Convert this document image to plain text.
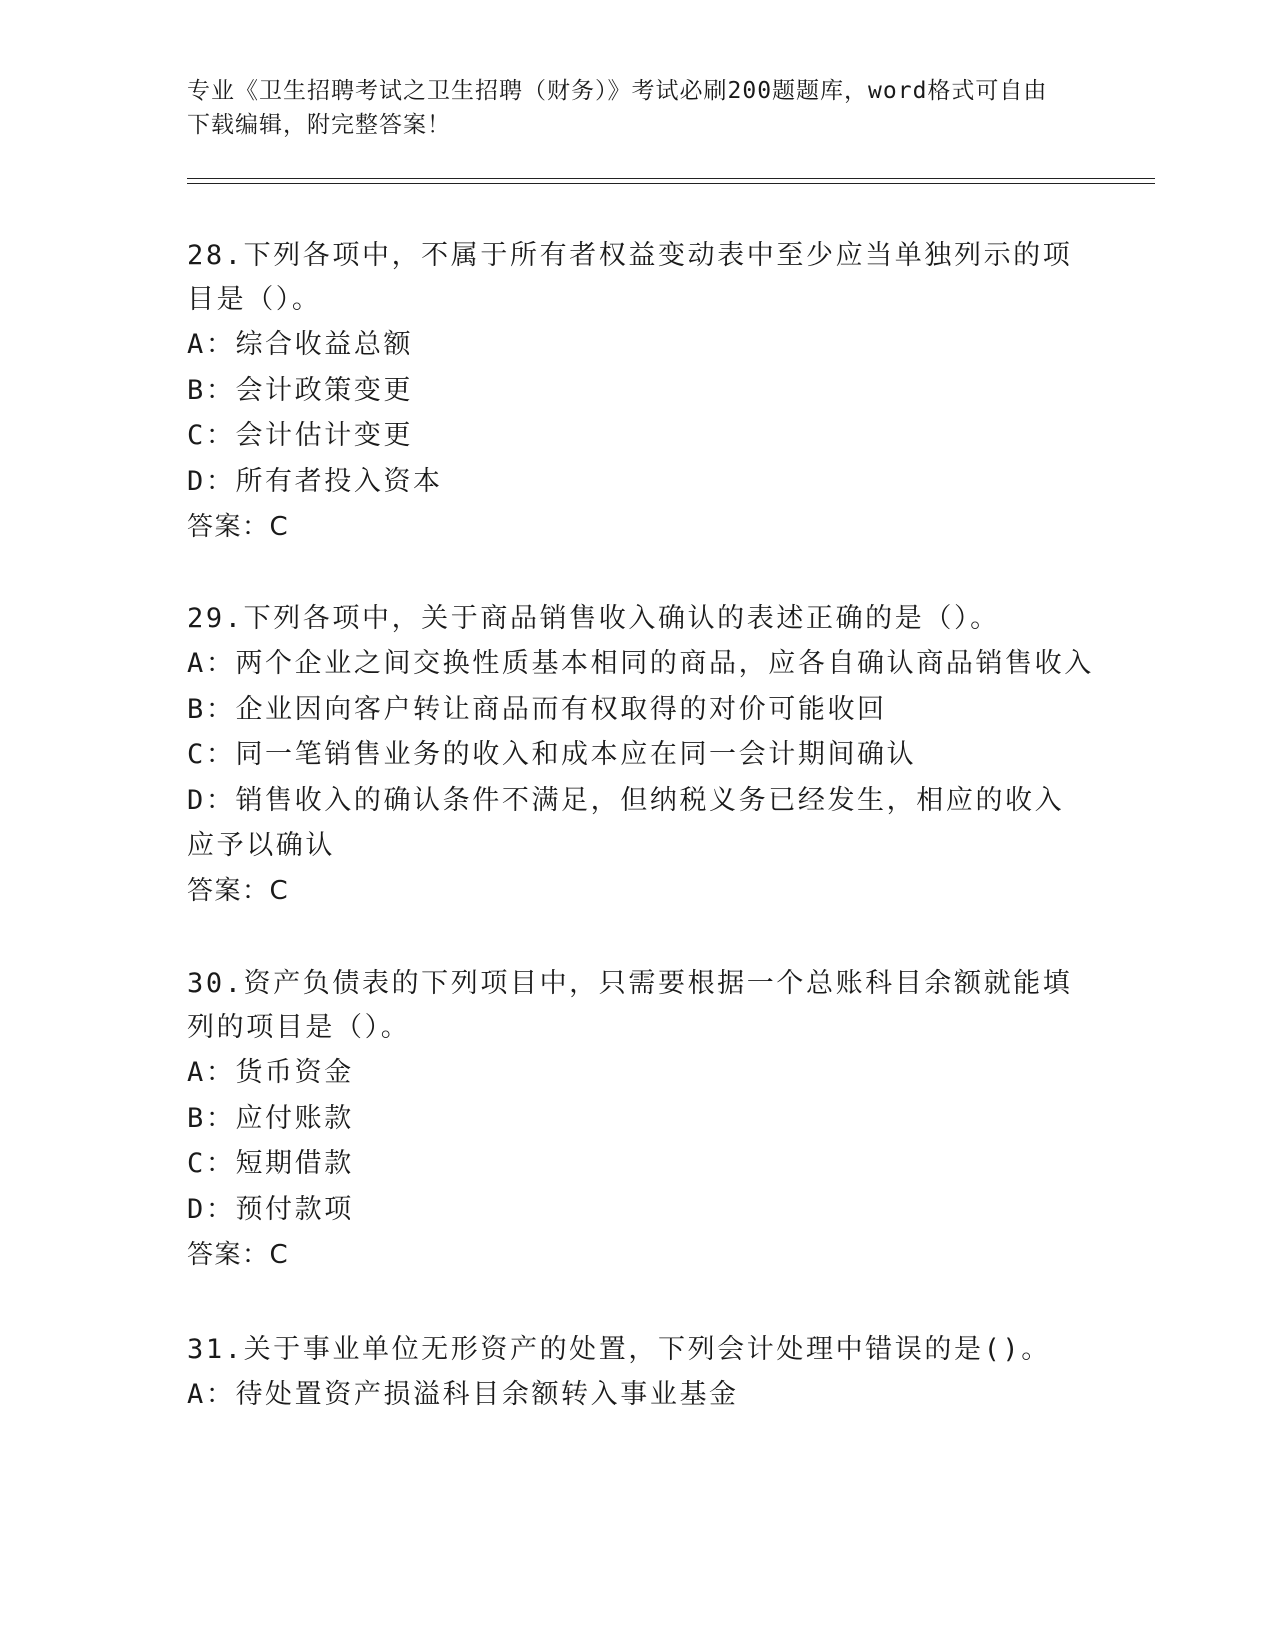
专业《卫生招聘考试之卫生招聘（财务）》考试必刷200题题库，word格式可自由下载编辑，附完整答案！

28.下列各项中，不属于所有者权益变动表中至少应当单独列示的项目是（）。

A：综合收益总额

B：会计政策变更

C：会计估计变更

D：所有者投入资本

答案：C

29.下列各项中，关于商品销售收入确认的表述正确的是（）。

A：两个企业之间交换性质基本相同的商品，应各自确认商品销售收入

B：企业因向客户转让商品而有权取得的对价可能收回

C：同一笔销售业务的收入和成本应在同一会计期间确认

D：销售收入的确认条件不满足，但纳税义务已经发生，相应的收入应予以确认

答案：C

30.资产负债表的下列项目中，只需要根据一个总账科目余额就能填列的项目是（）。

A：货币资金

B：应付账款

C：短期借款

D：预付款项

答案：C

31.关于事业单位无形资产的处置，下列会计处理中错误的是()。

A：待处置资产损溢科目余额转入事业基金
